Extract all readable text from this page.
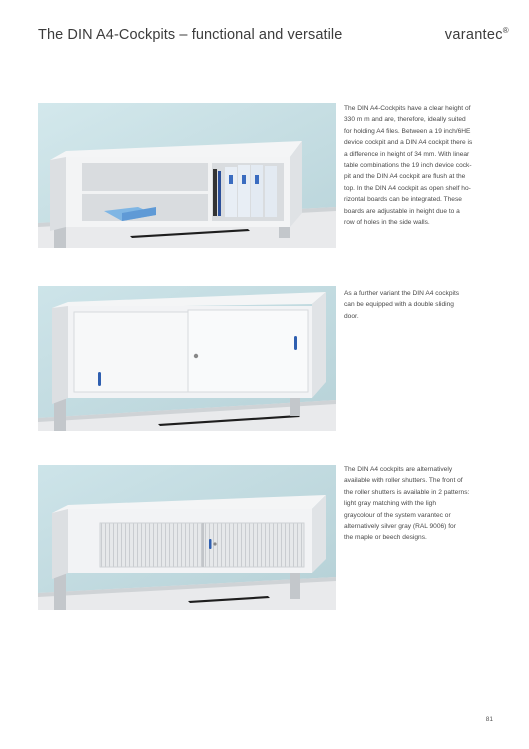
The DIN A4-Cockpits – functional and versatile	varantec®
The DIN A4-Cockpits have a clear height of
330 m m and are, therefore, ideally suited
for holding A4 files. Between a 19 inch/6HE
device cockpit and a DIN A4 cockpit there is
a difference in height of 34 mm. With linear
table combinations the 19 inch device cock-
pit and the DIN A4 cockpit are flush at the
top. In the DIN A4 cockpit as open shelf ho-
rizontal boards can be integrated. These
boards are adjustable in height due to a
row of holes in the side walls.
As a further variant the DIN A4 cockpits
can be equipped with a double sliding
door.
The DIN A4 cockpits are alternatively
available with roller shutters. The front of
the roller shutters is available in 2 patterns:
light gray matching with the ligh
graycolour of the system varantec or
alternatively silver gray (RAL 9006) for
the maple or beech designs.
81
